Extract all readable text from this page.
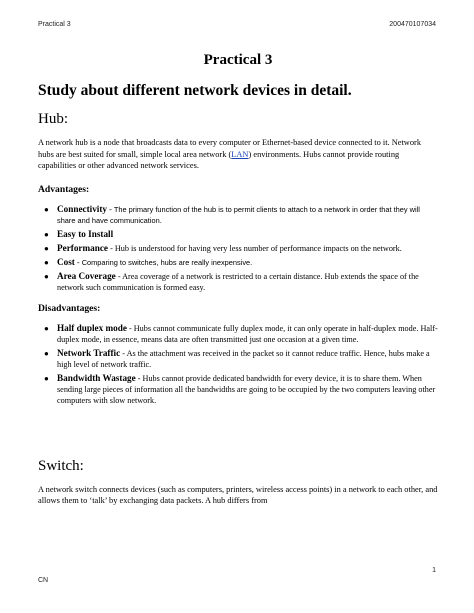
Practical 3	200470107034
Practical 3
Study about different network devices in detail.
Hub:

A network hub is a node that broadcasts data to every computer or Ethernet-based device connected to it. Network hubs are best suited for small, simple local area network (LAN) environments. Hubs cannot provide routing capabilities or other advanced network services.

Advantages:
● Connectivity - The primary function of the hub is to permit clients to attach to a network in order that they will share and have communication.
● Easy to Install
● Performance - Hub is understood for having very less number of performance impacts on the network.
● Cost - Comparing to switches, hubs are really inexpensive.
● Area Coverage - Area coverage of a network is restricted to a certain distance. Hub extends the space of the network such communication is formed easy.
Disadvantages:
● Half duplex mode - Hubs cannot communicate fully duplex mode, it can only operate in half-duplex mode. Half-duplex mode, in essence, means data are often transmitted just one occasion at a given time.
● Network Traffic - As the attachment was received in the packet so it cannot reduce traffic. Hence, hubs make a high level of network traffic.
● Bandwidth Wastage - Hubs cannot provide dedicated bandwidth for every device, it is to share them. When sending large pieces of information all the bandwidths are going to be occupied by the two computers leaving other computers with slow network.
Switch:

A network switch connects devices (such as computers, printers, wireless access points) in a network to each other, and allows them to ‘talk’ by exchanging data packets. A hub differs from

1
CN
